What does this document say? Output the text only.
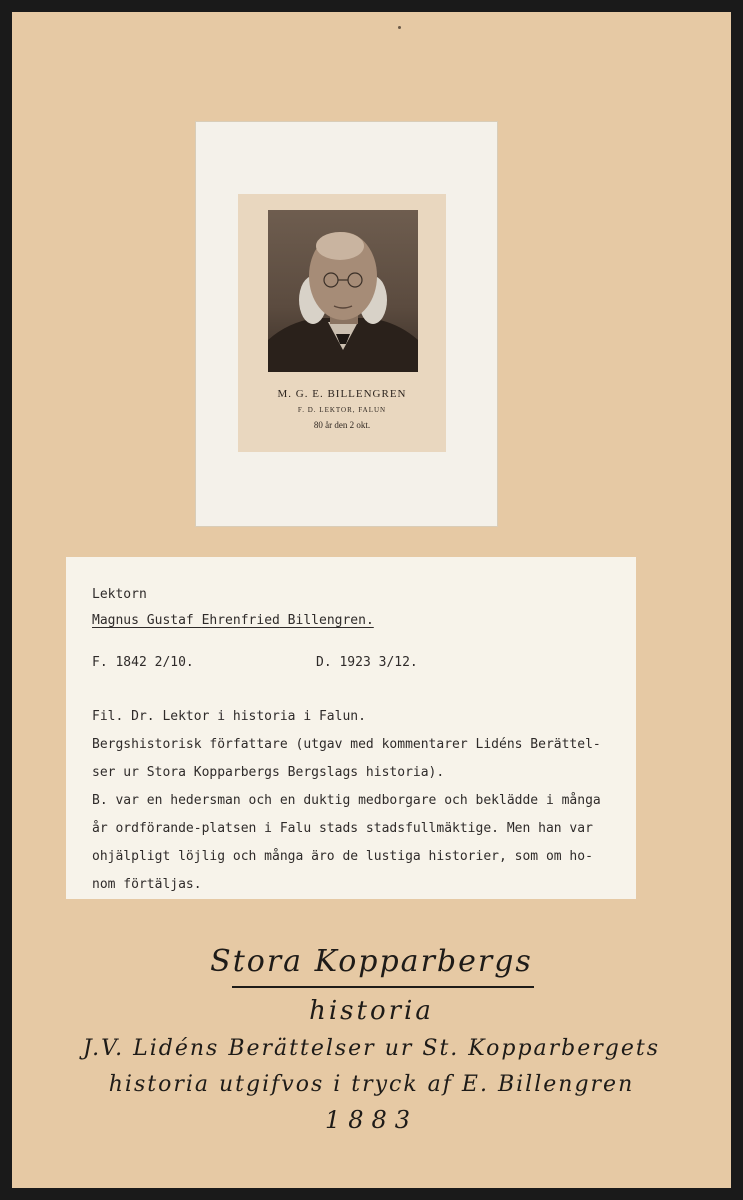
M. G. E. BILLENGREN
F. D. LEKTOR, FALUN
80 år den 2 okt.
Lektorn
Magnus Gustaf Ehrenfried Billengren.
F. 1842 2/10.	D. 1923 3/12.
Fil. Dr. Lektor i historia i Falun.
Bergshistorisk författare (utgav med kommentarer Lidéns Berättel-
ser ur Stora Kopparbergs Bergslags historia).
B. var en hedersman och en duktig medborgare och beklädde i många
år ordförande-platsen i Falu stads stadsfullmäktige. Men han var
ohjälpligt löjlig och många äro de lustiga historier, som om ho-
nom förtäljas.
Stora Kopparbergs
historia
J.V. Lidéns Berättelser ur St. Kopparbergets
historia utgifvos i tryck af E. Billengren
1883
